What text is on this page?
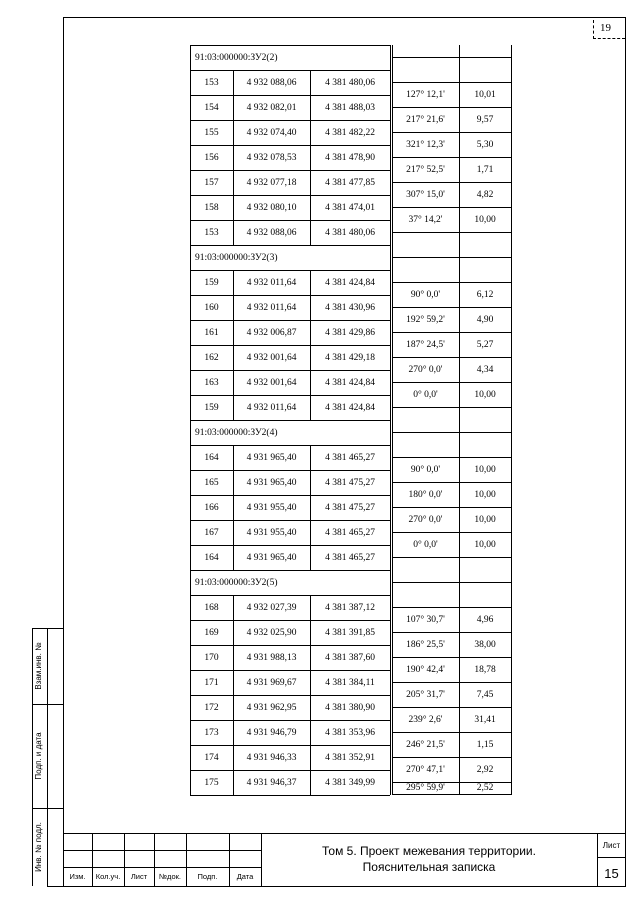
19
91:03:000000:ЗУ2(2)
153	4 932 088,06	4 381 480,06
154	4 932 082,01	4 381 488,03
155	4 932 074,40	4 381 482,22
156	4 932 078,53	4 381 478,90
157	4 932 077,18	4 381 477,85
158	4 932 080,10	4 381 474,01
153	4 932 088,06	4 381 480,06
127° 12,1'	10,01
217° 21,6'	9,57
321° 12,3'	5,30
217° 52,5'	1,71
307° 15,0'	4,82
37° 14,2'	10,00
91:03:000000:ЗУ2(3)
159	4 932 011,64	4 381 424,84
160	4 932 011,64	4 381 430,96
161	4 932 006,87	4 381 429,86
162	4 932 001,64	4 381 429,18
163	4 932 001,64	4 381 424,84
159	4 932 011,64	4 381 424,84
90° 0,0'	6,12
192° 59,2'	4,90
187° 24,5'	5,27
270° 0,0'	4,34
0° 0,0'	10,00
91:03:000000:ЗУ2(4)
164	4 931 965,40	4 381 465,27
165	4 931 965,40	4 381 475,27
166	4 931 955,40	4 381 475,27
167	4 931 955,40	4 381 465,27
164	4 931 965,40	4 381 465,27
90° 0,0'	10,00
180° 0,0'	10,00
270° 0,0'	10,00
0° 0,0'	10,00
91:03:000000:ЗУ2(5)
168	4 932 027,39	4 381 387,12
169	4 932 025,90	4 381 391,85
170	4 931 988,13	4 381 387,60
171	4 931 969,67	4 381 384,11
172	4 931 962,95	4 381 380,90
173	4 931 946,79	4 381 353,96
174	4 931 946,33	4 381 352,91
175	4 931 946,37	4 381 349,99
107° 30,7'	4,96
186° 25,5'	38,00
190° 42,4'	18,78
205° 31,7'	7,45
239° 2,6'	31,41
246° 21,5'	1,15
270° 47,1'	2,92
295° 59,9'	2,52
Взам.инв. №
Подп. и дата
Инв. № подл.
Изм.	Кол.уч.	Лист	№док.	Подп.	Дата
Том 5. Проект межевания территории.
Пояснительная записка
Лист
15
